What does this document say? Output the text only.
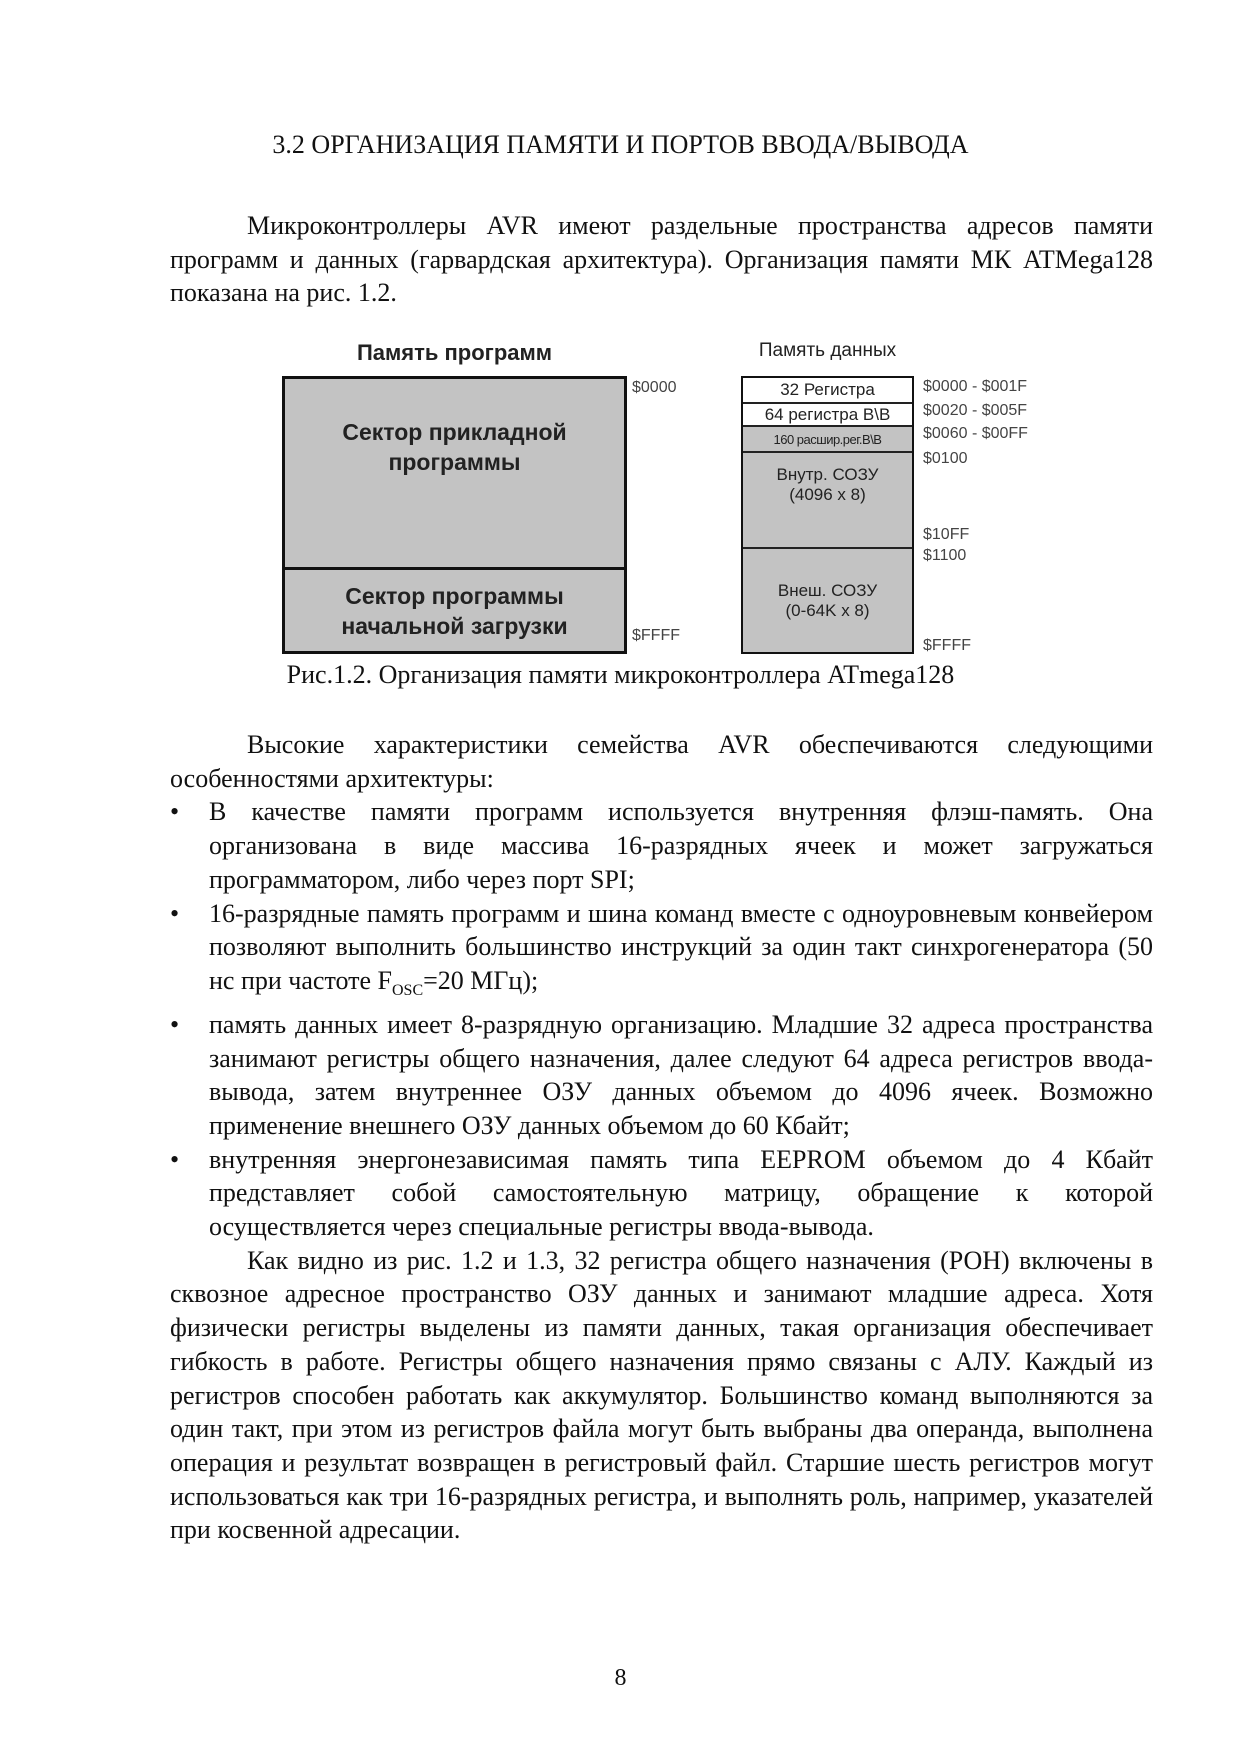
3.2 ОРГАНИЗАЦИЯ ПАМЯТИ И ПОРТОВ ВВОДА/ВЫВОДА

Микроконтроллеры AVR имеют раздельные пространства адресов памяти программ и данных (гарвардская архитектура). Организация памяти МК ATMega128 показана на рис. 1.2.

Память программ
Сектор прикладной программы
Сектор программы начальной загрузки
$0000
$FFFF
Память данных
32 Регистра
64 регистра В\В
160 расшир.рег.В\В
Внутр. СОЗУ (4096 x 8)
Внеш. СОЗУ (0-64K x 8)
$0000 - $001F
$0020 - $005F
$0060 - $00FF
$0100
$10FF
$1100
$FFFF
Рис.1.2. Организация памяти микроконтроллера ATmega128

Высокие характеристики семейства AVR обеспечиваются следующими особенностями архитектуры:

• В качестве памяти программ используется внутренняя флэш-память. Она организована в виде массива 16-разрядных ячеек и может загружаться программатором, либо через порт SPI;
• 16-разрядные память программ и шина команд вместе с одноуровневым конвейером позволяют выполнить большинство инструкций за один такт синхрогенератора (50 нс при частоте $F_{OSC}=20$ МГц);
• память данных имеет 8-разрядную организацию. Младшие 32 адреса пространства занимают регистры общего назначения, далее следуют 64 адреса регистров ввода-вывода, затем внутреннее ОЗУ данных объемом до 4096 ячеек. Возможно применение внешнего ОЗУ данных объемом до 60 Кбайт;
• внутренняя энергонезависимая память типа EEPROM объемом до 4 Кбайт представляет собой самостоятельную матрицу, обращение к которой осуществляется через специальные регистры ввода-вывода.

Как видно из рис. 1.2 и 1.3, 32 регистра общего назначения (РОН) включены в сквозное адресное пространство ОЗУ данных и занимают младшие адреса. Хотя физически регистры выделены из памяти данных, такая организация обеспечивает гибкость в работе. Регистры общего назначения прямо связаны с АЛУ. Каждый из регистров способен работать как аккумулятор. Большинство команд выполняются за один такт, при этом из регистров файла могут быть выбраны два операнда, выполнена операция и результат возвращен в регистровый файл. Старшие шесть регистров могут использоваться как три 16-разрядных регистра, и выполнять роль, например, указателей при косвенной адресации.

8
